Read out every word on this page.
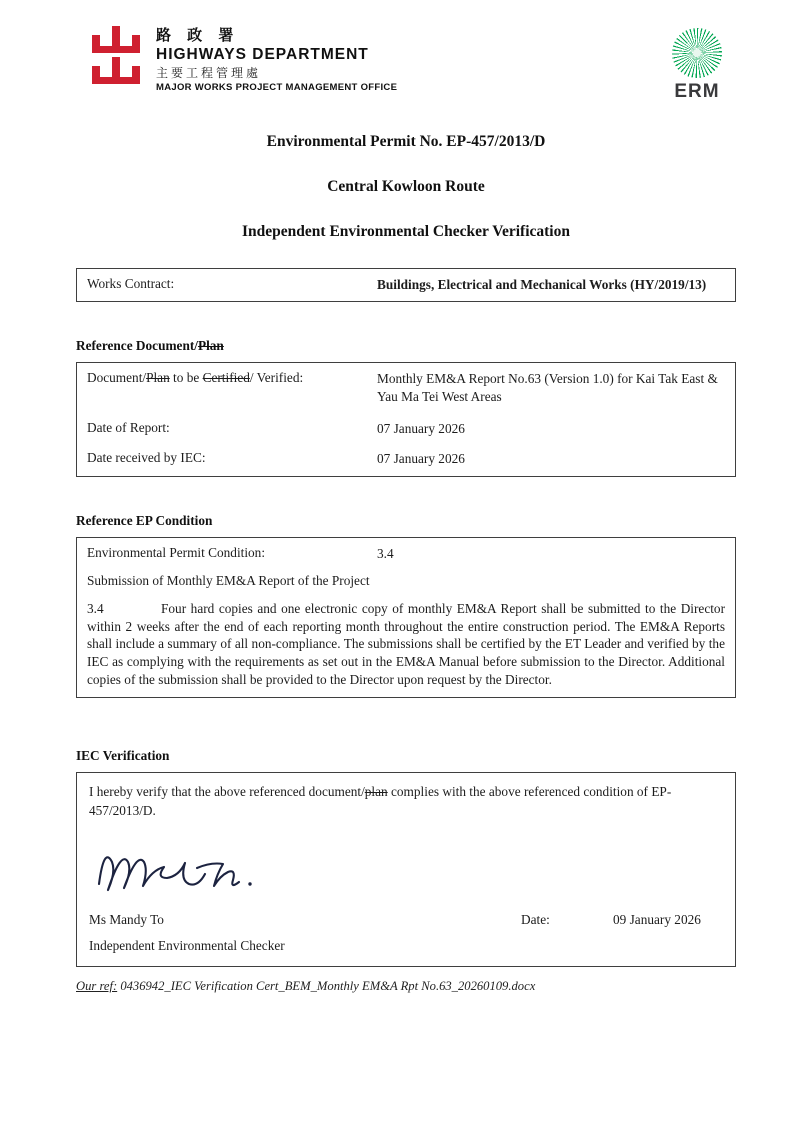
路 政 署
HIGHWAYS DEPARTMENT
主要工程管理處
MAJOR WORKS PROJECT MANAGEMENT OFFICE	ERM
Environmental Permit No. EP-457/2013/D
Central Kowloon Route
Independent Environmental Checker Verification
Works Contract:	Buildings, Electrical and Mechanical Works (HY/2019/13)
Reference Document/Plan
Document/Plan to be Certified/ Verified:	Monthly EM&A Report No.63 (Version 1.0) for Kai Tak East & Yau Ma Tei West Areas
Date of Report:	07 January 2026
Date received by IEC:	07 January 2026
Reference EP Condition
Environmental Permit Condition:	3.4
Submission of Monthly EM&A Report of the Project
3.4	Four hard copies and one electronic copy of monthly EM&A Report shall be submitted to the Director within 2 weeks after the end of each reporting month throughout the entire construction period. The EM&A Reports shall include a summary of all non-compliance. The submissions shall be certified by the ET Leader and verified by the IEC as complying with the requirements as set out in the EM&A Manual before submission to the Director. Additional copies of the submission shall be provided to the Director upon request by the Director.
IEC Verification
I hereby verify that the above referenced document/plan complies with the above referenced condition of EP-457/2013/D.
Ms Mandy To	Date:	09 January 2026
Independent Environmental Checker
Our ref: 0436942_IEC Verification Cert_BEM_Monthly EM&A Rpt No.63_20260109.docx
